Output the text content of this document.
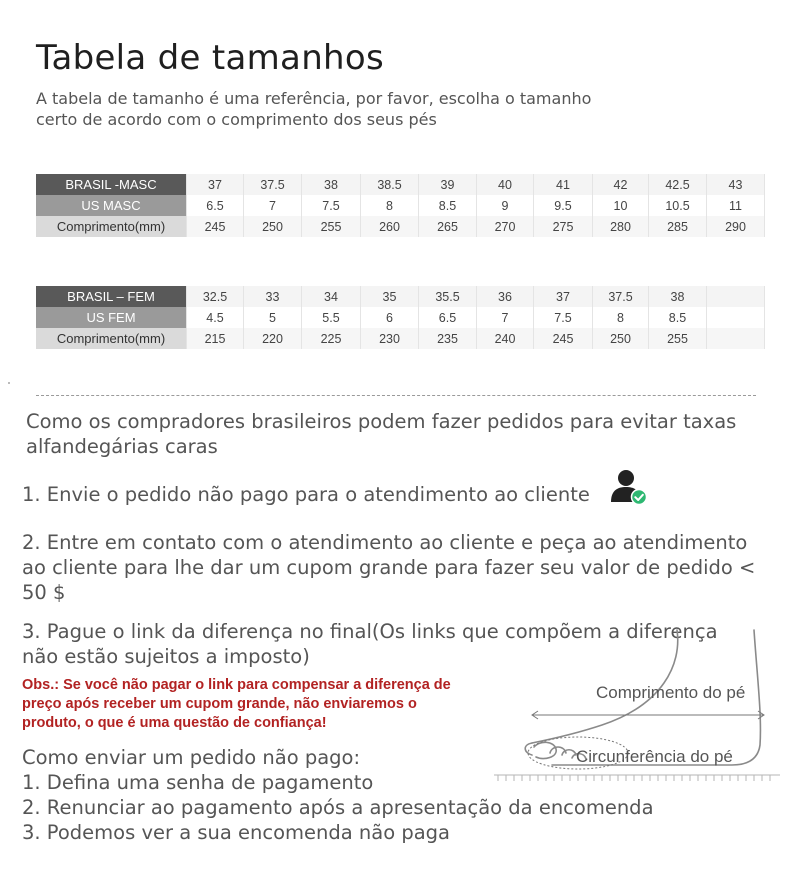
Tabela de tamanhos
A tabela de tamanho é uma referência, por favor, escolha o tamanho
certo de acordo com o comprimento dos seus pés
BRASIL -MASC	37	37.5	38	38.5	39	40	41	42	42.5	43
US MASC	6.5	7	7.5	8	8.5	9	9.5	10	10.5	11
Comprimento(mm)	245	250	255	260	265	270	275	280	285	290
BRASIL – FEM	32.5	33	34	35	35.5	36	37	37.5	38	
US FEM	4.5	5	5.5	6	6.5	7	7.5	8	8.5	
Comprimento(mm)	215	220	225	230	235	240	245	250	255	
Como os compradores brasileiros podem fazer pedidos para evitar taxas
alfandegárias caras
1. Envie o pedido não pago para o atendimento ao cliente
2. Entre em contato com o atendimento ao cliente e peça ao atendimento
ao cliente para lhe dar um cupom grande para fazer seu valor de pedido <
50 $
3. Pague o link da diferença no final(Os links que compõem a diferença
não estão sujeitos a imposto)
Comprimento do pé
Circunferência do pé
Obs.: Se você não pagar o link para compensar a diferença de
preço após receber um cupom grande, não enviaremos o
produto, o que é uma questão de confiança!
Como enviar um pedido não pago:
1. Defina uma senha de pagamento
2. Renunciar ao pagamento após a apresentação da encomenda
3. Podemos ver a sua encomenda não paga
